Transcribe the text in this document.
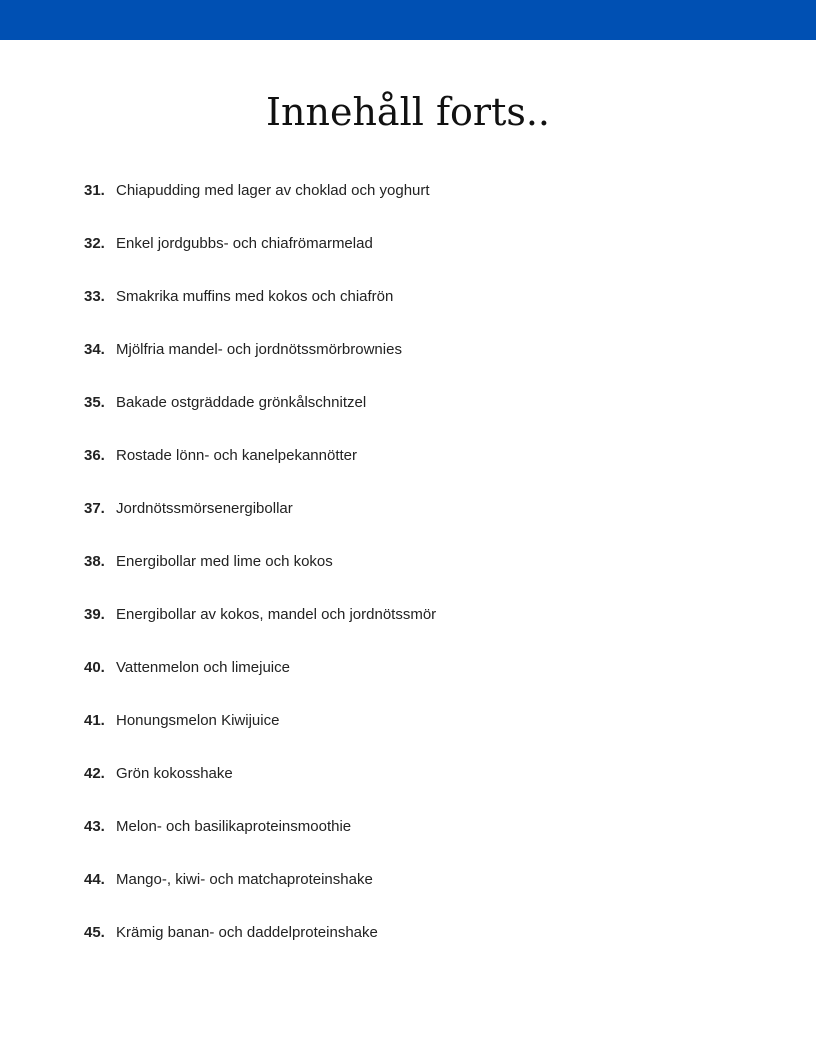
Innehåll forts..
31. Chiapudding med lager av choklad och yoghurt
32. Enkel jordgubbs- och chiafrömarmelad
33. Smakrika muffins med kokos och chiafrön
34. Mjölfria mandel- och jordnötssmörbrownies
35. Bakade ostgräddade grönkålschnitzel
36. Rostade lönn- och kanelpekannötter
37. Jordnötssmörsenergibollar
38. Energibollar med lime och kokos
39. Energibollar av kokos, mandel och jordnötssmör
40. Vattenmelon och limejuice
41. Honungsmelon Kiwijuice
42. Grön kokosshake
43. Melon- och basilikaproteinsmoothie
44. Mango-, kiwi- och matchaproteinshake
45. Krämig banan- och daddelproteinshake
